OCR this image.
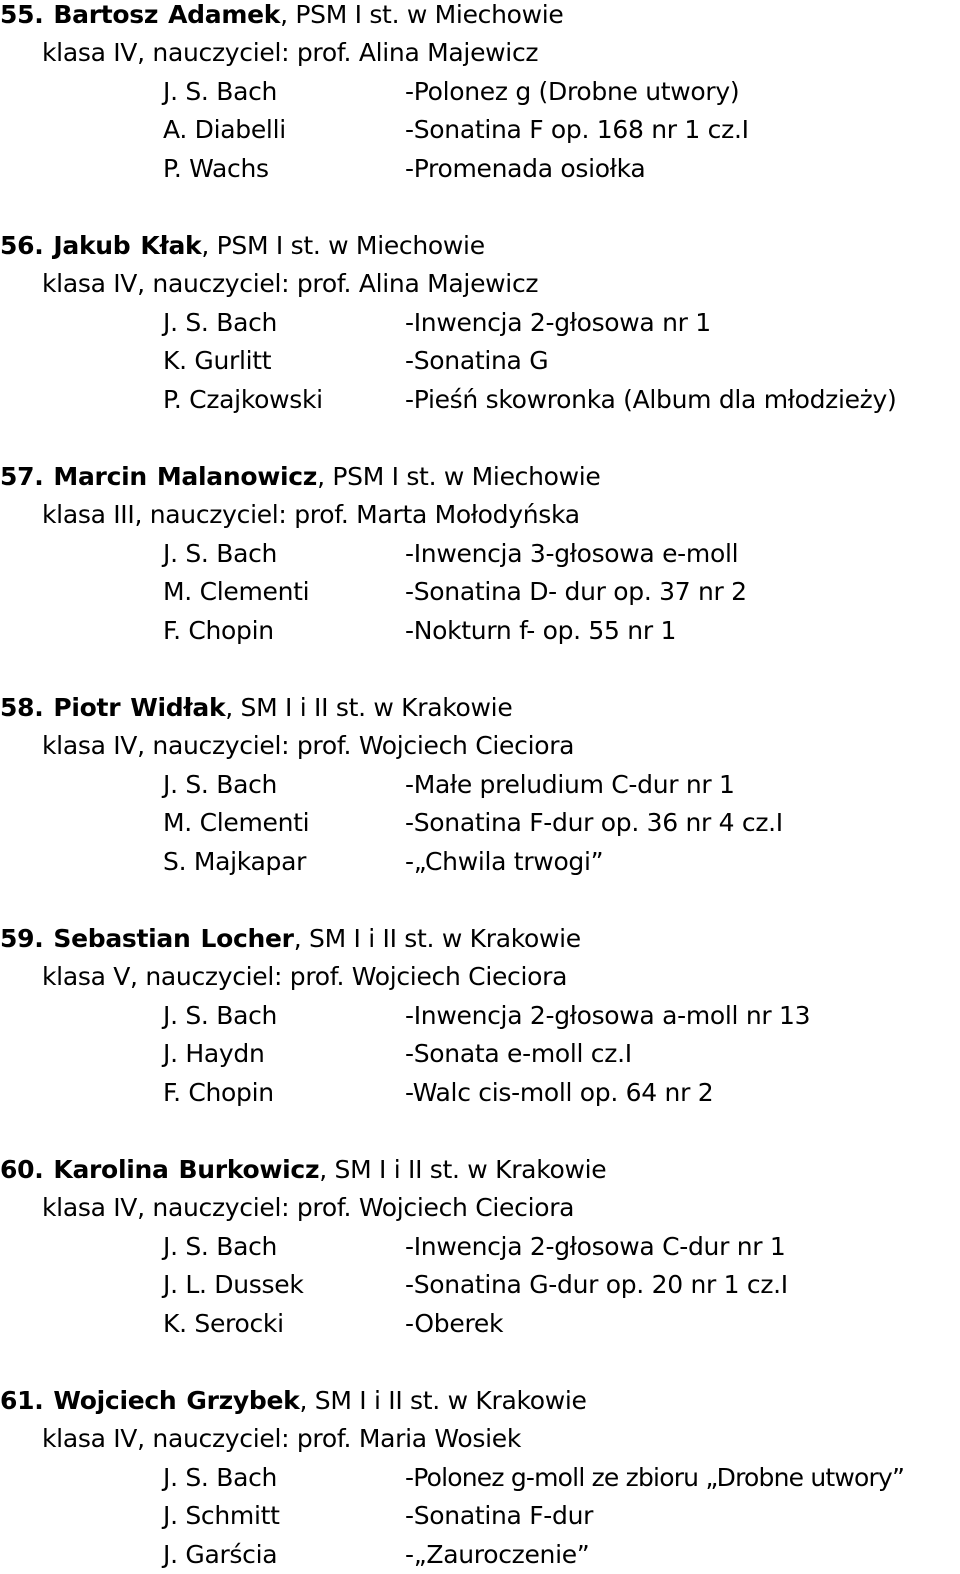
55. Bartosz Adamek, PSM I st. w Miechowie
klasa IV, nauczyciel: prof. Alina Majewicz
J. S. Bach	-Polonez g (Drobne utwory)
A. Diabelli	-Sonatina F op. 168 nr 1 cz.I
P. Wachs	-Promenada osiołka
56. Jakub Kłak, PSM I st. w Miechowie
klasa IV, nauczyciel: prof. Alina Majewicz
J. S. Bach	-Inwencja 2-głosowa nr 1
K. Gurlitt	-Sonatina G
P. Czajkowski	-Pieśń skowronka (Album dla młodzieży)
57. Marcin Malanowicz, PSM I st. w Miechowie
klasa III, nauczyciel: prof. Marta Mołodyńska
J. S. Bach	-Inwencja 3-głosowa e-moll
M. Clementi	-Sonatina D- dur op. 37 nr 2
F. Chopin	-Nokturn f- op. 55 nr 1
58. Piotr Widłak, SM I i II st. w Krakowie
klasa IV, nauczyciel: prof. Wojciech Cieciora
J. S. Bach	-Małe preludium C-dur nr 1
M. Clementi	-Sonatina F-dur op. 36 nr 4 cz.I
S. Majkapar	-„Chwila trwogi”
59. Sebastian Locher, SM I i II st. w Krakowie
klasa V, nauczyciel: prof. Wojciech Cieciora
J. S. Bach	-Inwencja 2-głosowa a-moll nr 13
J. Haydn	-Sonata e-moll cz.I
F. Chopin	-Walc cis-moll op. 64 nr 2
60. Karolina Burkowicz, SM I i II st. w Krakowie
klasa IV, nauczyciel: prof. Wojciech Cieciora
J. S. Bach	-Inwencja 2-głosowa C-dur nr 1
J. L. Dussek	-Sonatina G-dur op. 20 nr 1 cz.I
K. Serocki	-Oberek
61. Wojciech Grzybek, SM I i II st. w Krakowie
klasa IV, nauczyciel: prof. Maria Wosiek
J. S. Bach	-Polonez g-moll ze zbioru „Drobne utwory”
J. Schmitt	-Sonatina F-dur
J. Garścia	-„Zauroczenie”
